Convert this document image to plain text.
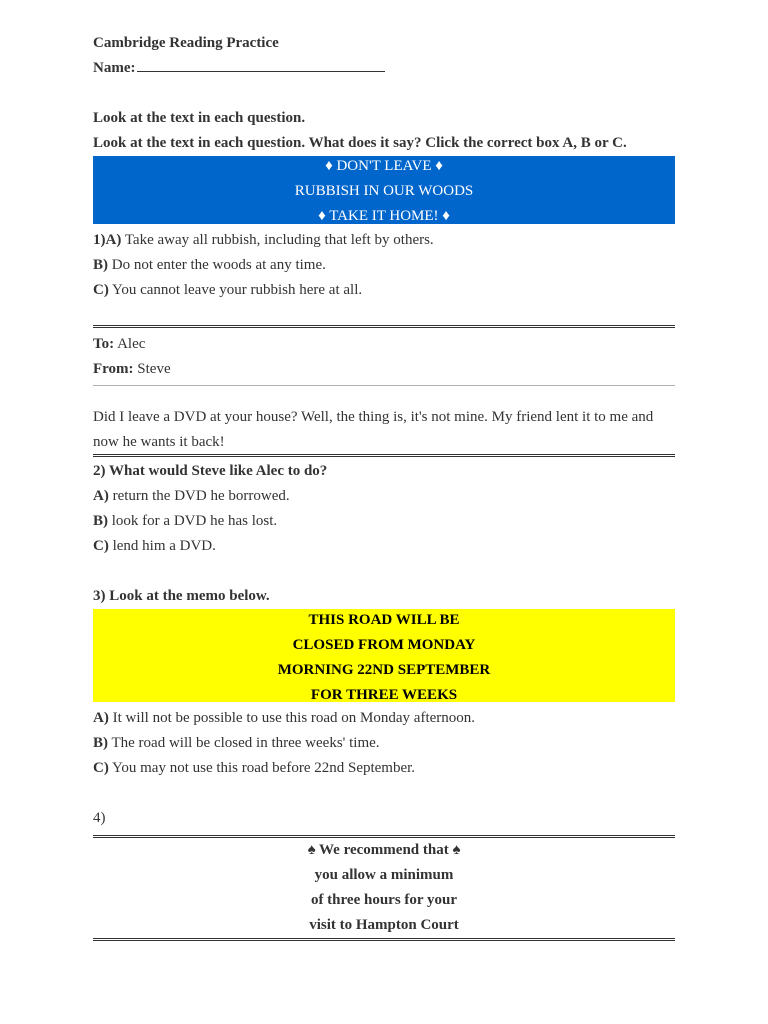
Cambridge Reading Practice
Name:
Look at the text in each question.
Look at the text in each question. What does it say? Click the correct box A, B or C.
♦ DON'T LEAVE ♦
RUBBISH IN OUR WOODS
♦ TAKE IT HOME! ♦
1)A) Take away all rubbish, including that left by others.
B) Do not enter the woods at any time.
C) You cannot leave your rubbish here at all.
To: Alec
From: Steve
Did I leave a DVD at your house? Well, the thing is, it's not mine. My friend lent it to me and now he wants it back!
2) What would Steve like Alec to do?
A) return the DVD he borrowed.
B) look for a DVD he has lost.
C) lend him a DVD.
3) Look at the memo below.
THIS ROAD WILL BE
CLOSED FROM MONDAY
MORNING 22ND SEPTEMBER
FOR THREE WEEKS
A) It will not be possible to use this road on Monday afternoon.
B) The road will be closed in three weeks' time.
C) You may not use this road before 22nd September.
4)
♠ We recommend that ♠
you allow a minimum
of three hours for your
visit to Hampton Court
